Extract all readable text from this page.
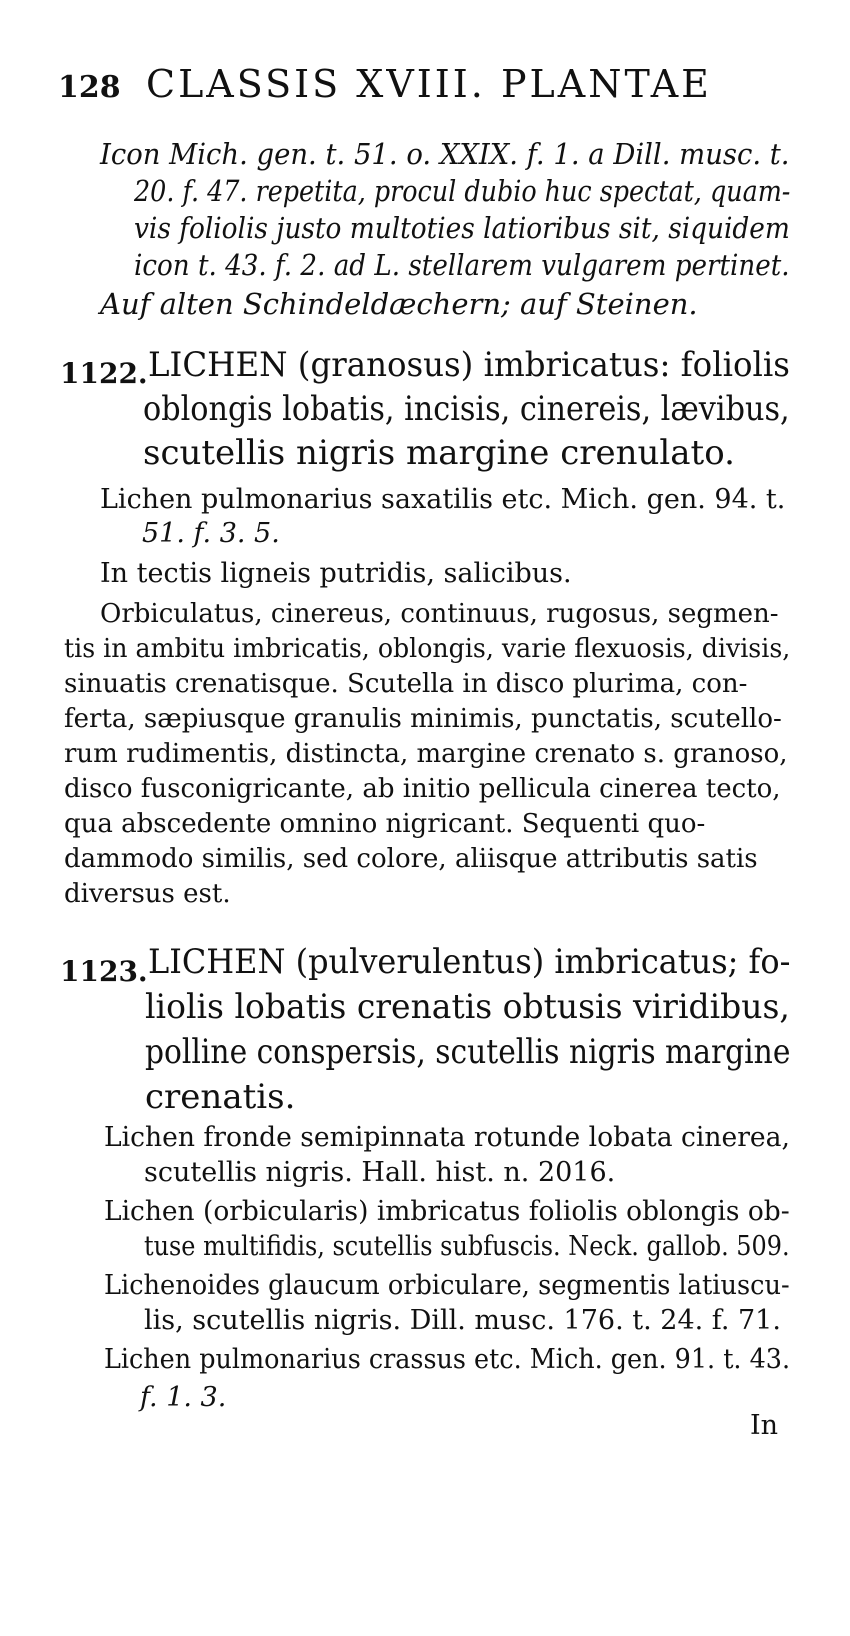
128 CLASSIS XVIII. PLANTAE
Icon Mich. gen. t. 51. o. XXIX. f. 1. a Dill. musc. t.
20. f. 47. repetita, procul dubio huc spectat, quam-
vis foliolis justo multoties latioribus sit, siquidem
icon t. 43. f. 2. ad L. stellarem vulgarem pertinet.
Auf alten Schindeldæchern; auf Steinen.
1122. LICHEN (granosus) imbricatus: foliolis
oblongis lobatis, incisis, cinereis, lævibus,
scutellis nigris margine crenulato.
Lichen pulmonarius saxatilis etc. Mich. gen. 94. t.
51. f. 3. 5.
In tectis ligneis putridis, salicibus.
Orbiculatus, cinereus, continuus, rugosus, segmen-
tis in ambitu imbricatis, oblongis, varie flexuosis, divisis,
sinuatis crenatisque. Scutella in disco plurima, con-
ferta, sæpiusque granulis minimis, punctatis, scutello-
rum rudimentis, distincta, margine crenato s. granoso,
disco fusconigricante, ab initio pellicula cinerea tecto,
qua abscedente omnino nigricant. Sequenti quo-
dammodo similis, sed colore, aliisque attributis satis
diversus est.
1123. LICHEN (pulverulentus) imbricatus; fo-
liolis lobatis crenatis obtusis viridibus,
polline conspersis, scutellis nigris margine
crenatis.
Lichen fronde semipinnata rotunde lobata cinerea,
scutellis nigris. Hall. hist. n. 2016.
Lichen (orbicularis) imbricatus foliolis oblongis ob-
tuse multifidis, scutellis subfuscis. Neck. gallob. 509.
Lichenoides glaucum orbiculare, segmentis latiuscu-
lis, scutellis nigris. Dill. musc. 176. t. 24. f. 71.
Lichen pulmonarius crassus etc. Mich. gen. 91. t. 43.
f. 1. 3.
In
